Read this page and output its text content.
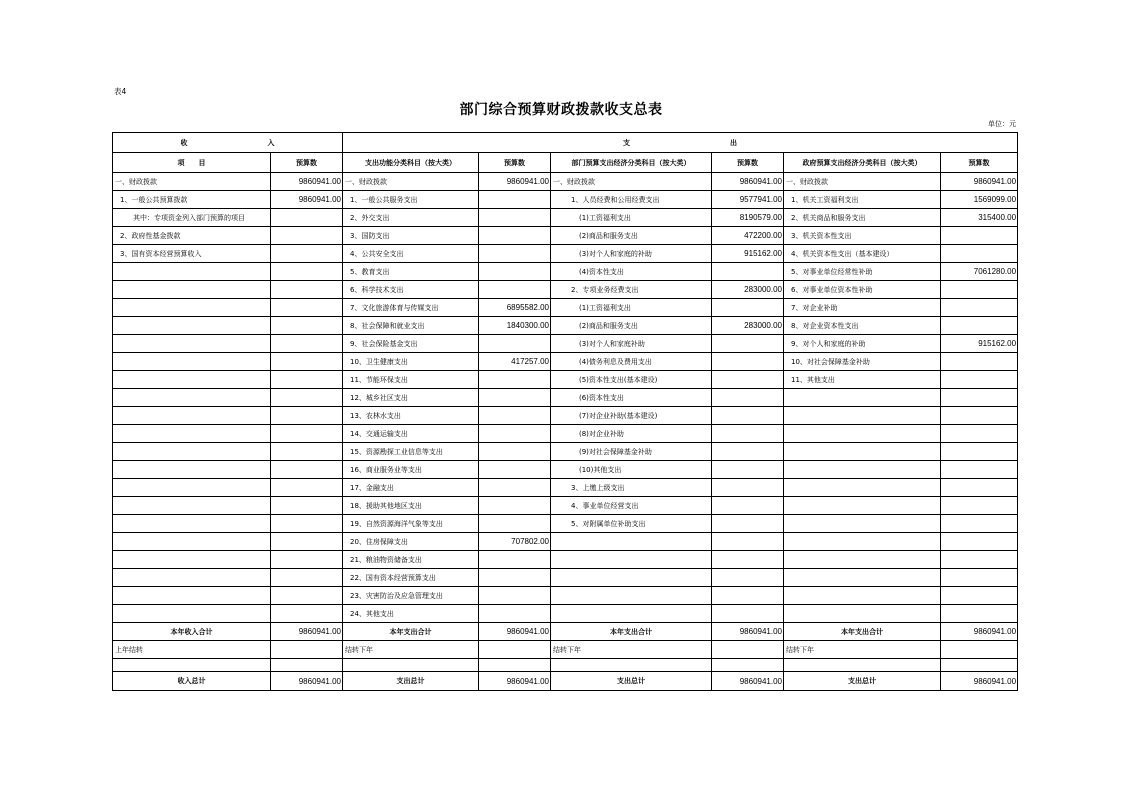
表4
部门综合预算财政拨款收支总表
单位：元
收 入		支 出					

项　　目	预算数	支出功能分类科目（按大类）	预算数	部门预算支出经济分类科目（按大类）	预算数	政府预算支出经济分类科目（按大类）	预算数
一、财政拨款	9860941.00	一、财政拨款	9860941.00	一、财政拨款	9860941.00	一、财政拨款	9860941.00
1、一般公共预算拨款	9860941.00	1、一般公共服务支出		1、人员经费和公用经费支出	9577941.00	1、机关工资福利支出	1569099.00
其中：专项资金列入部门预算的项目		2、外交支出		(1)工资福利支出	8190579.00	2、机关商品和服务支出	315400.00
2、政府性基金拨款		3、国防支出		(2)商品和服务支出	472200.00	3、机关资本性支出	
3、国有资本经营预算收入		4、公共安全支出		(3)对个人和家庭的补助	915162.00	4、机关资本性支出（基本建设）	
		5、教育支出		(4)资本性支出		5、对事业单位经常性补助	7061280.00
		6、科学技术支出		2、专项业务经费支出	283000.00	6、对事业单位资本性补助	
		7、文化旅游体育与传媒支出	6895582.00	(1)工资福利支出		7、对企业补助	
		8、社会保障和就业支出	1840300.00	(2)商品和服务支出	283000.00	8、对企业资本性支出	
		9、社会保险基金支出		(3)对个人和家庭补助		9、对个人和家庭的补助	915162.00
		10、卫生健康支出	417257.00	(4)债务利息及费用支出		10、对社会保障基金补助	
		11、节能环保支出		(5)资本性支出(基本建设)		11、其他支出	
		12、城乡社区支出		(6)资本性支出			
		13、农林水支出		(7)对企业补助(基本建设)			
		14、交通运输支出		(8)对企业补助			
		15、资源勘探工业信息等支出		(9)对社会保障基金补助			
		16、商业服务业等支出		(10)其他支出			
		17、金融支出		3、上缴上级支出			
		18、援助其他地区支出		4、事业单位经营支出			
		19、自然资源海洋气象等支出		5、对附属单位补助支出			
		20、住房保障支出	707802.00				
		21、粮油物资储备支出					
		22、国有资本经营预算支出					
		23、灾害防治及应急管理支出					
		24、其他支出					
本年收入合计	9860941.00	本年支出合计	9860941.00	本年支出合计	9860941.00	本年支出合计	9860941.00
上年结转		结转下年		结转下年		结转下年	

收入总计	9860941.00	支出总计	9860941.00	支出总计	9860941.00	支出总计	9860941.00
